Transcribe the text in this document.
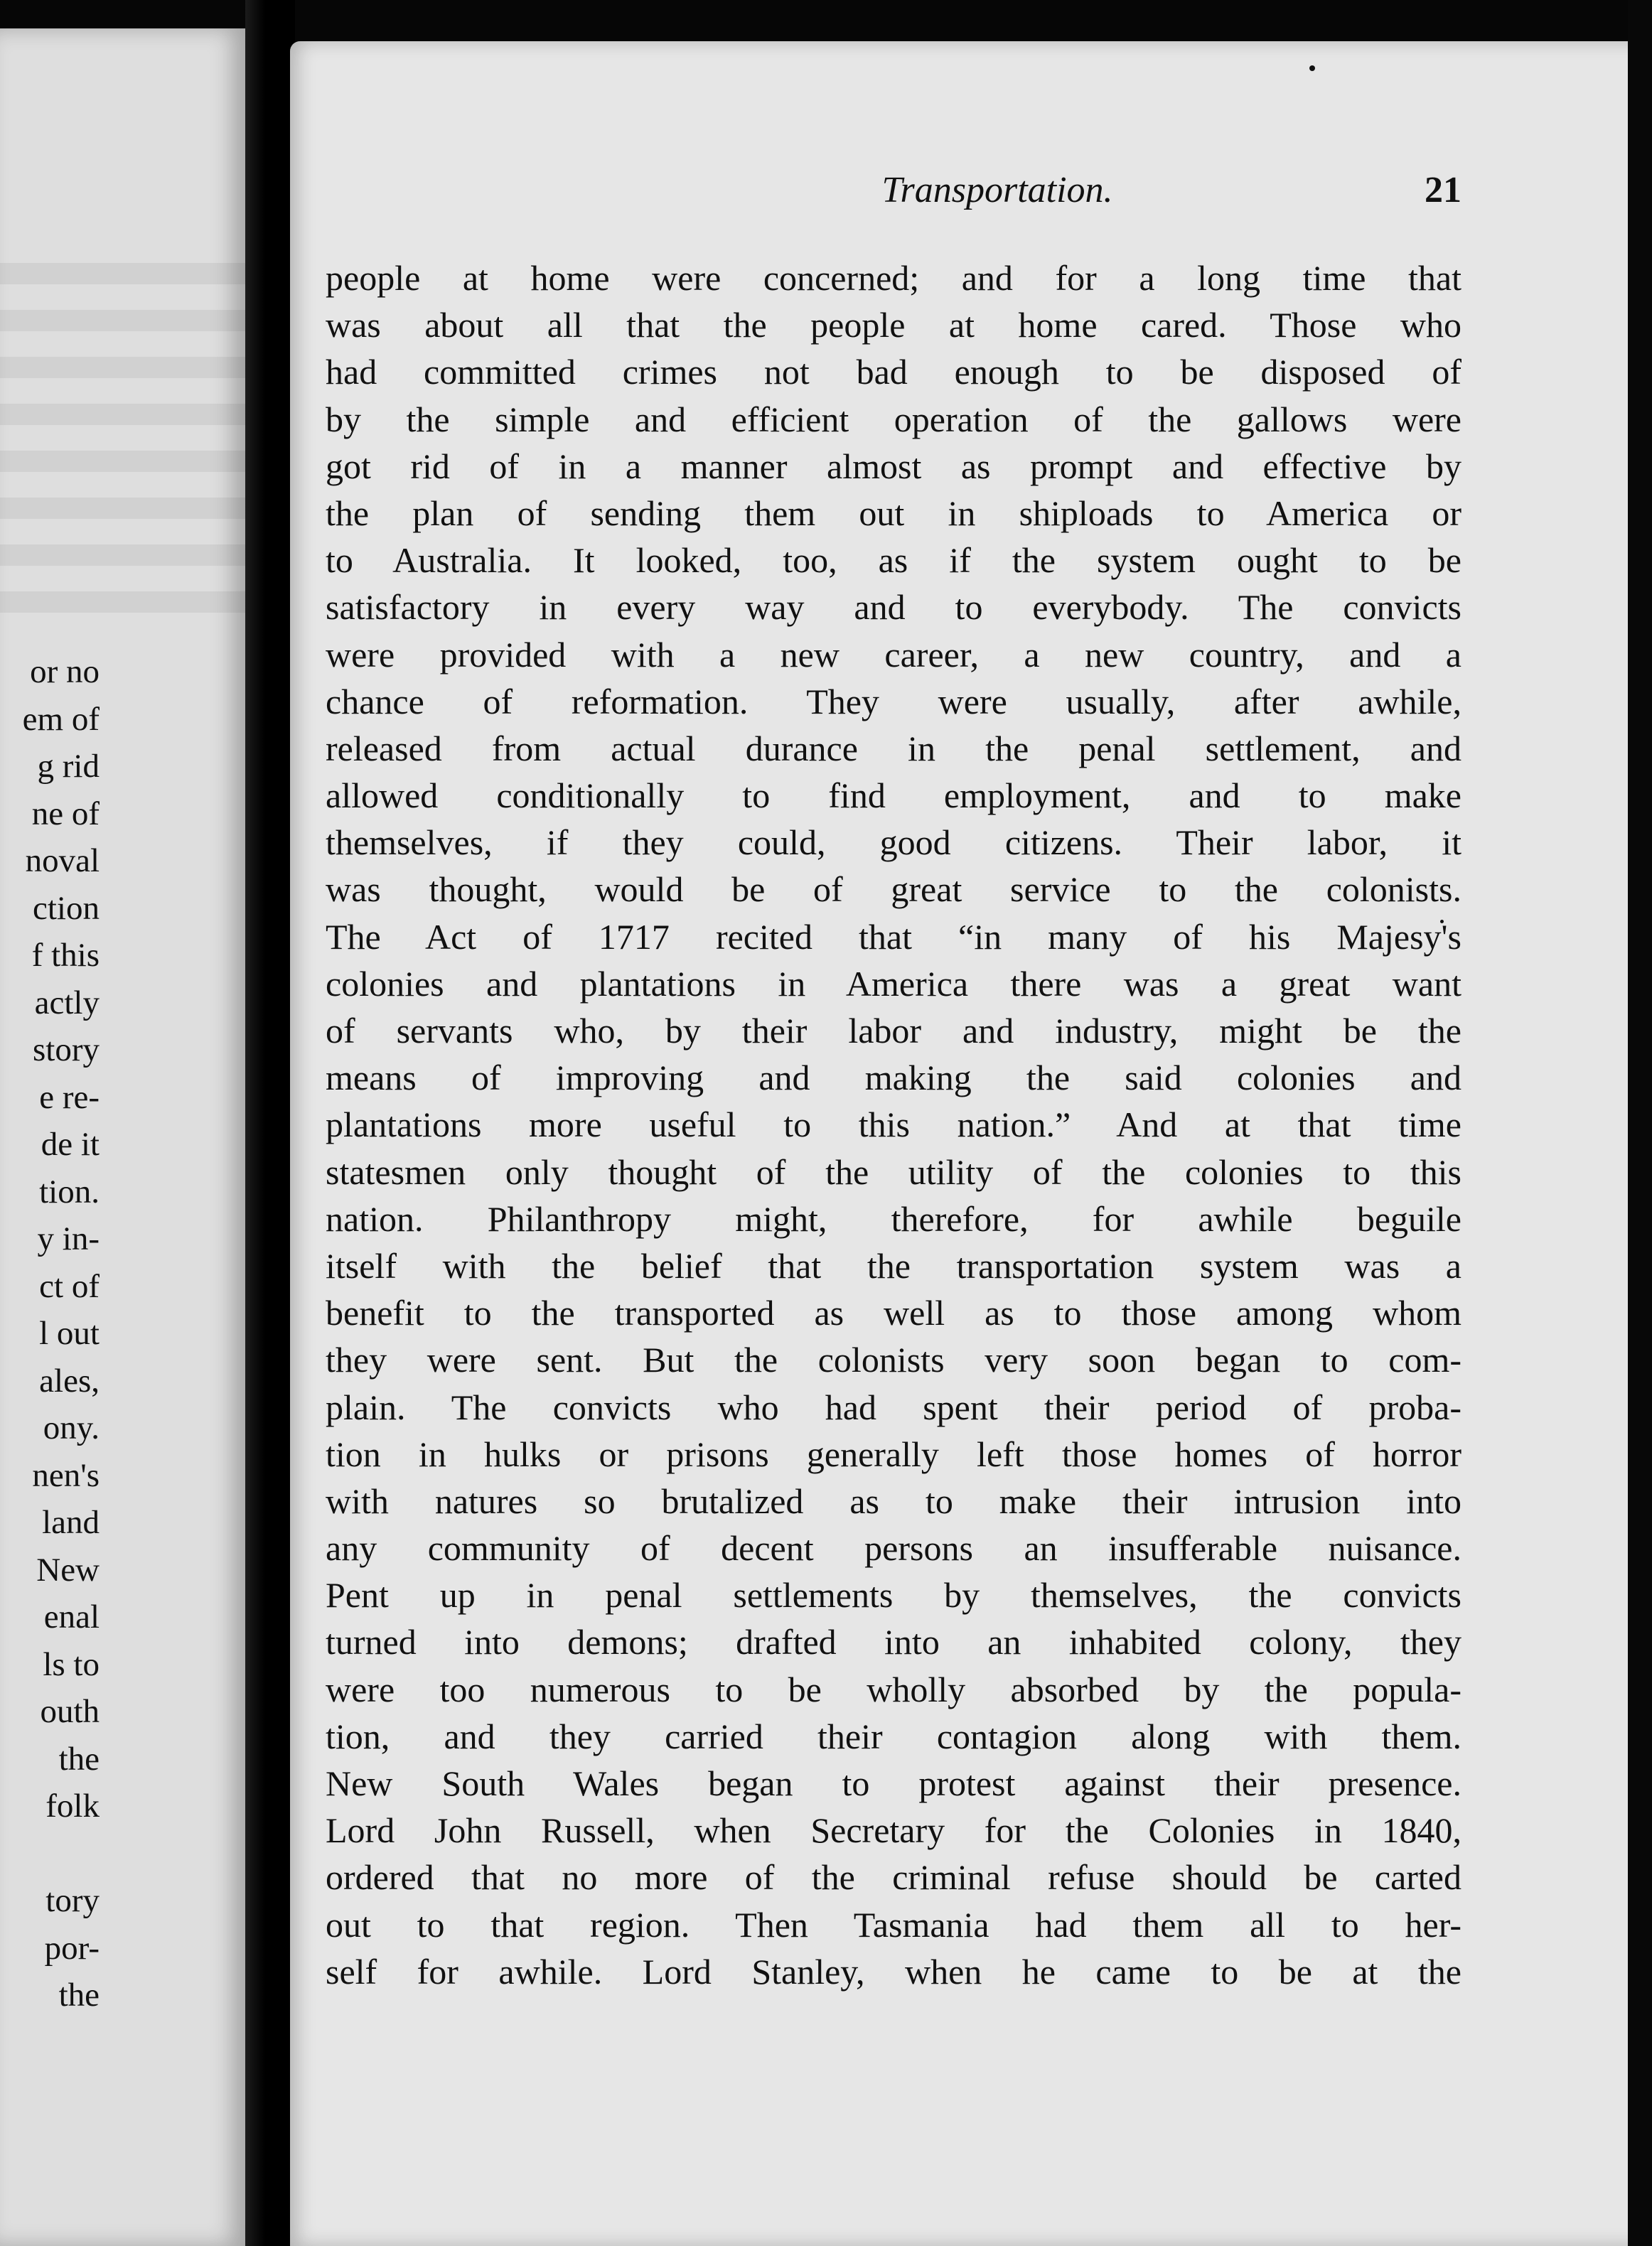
or no
em of
g rid
ne of
noval
ction
f this
actly
story
e re-
de it
tion.
y in-
ct of
l out
ales,
ony.
nen's
land
New
enal
ls to
outh
the
folk
tory
por-
the
Transportation.	21
people at home were concerned; and for a long time that
was about all that the people at home cared. Those who
had committed crimes not bad enough to be disposed of
by the simple and efficient operation of the gallows were
got rid of in a manner almost as prompt and effective by
the plan of sending them out in shiploads to America or
to Australia. It looked, too, as if the system ought to be
satisfactory in every way and to everybody. The convicts
were provided with a new career, a new country, and a
chance of reformation. They were usually, after awhile,
released from actual durance in the penal settlement, and
allowed conditionally to find employment, and to make
themselves, if they could, good citizens. Their labor, it
was thought, would be of great service to the colonists.
The Act of 1717 recited that “in many of his Majesy's
colonies and plantations in America there was a great want
of servants who, by their labor and industry, might be the
means of improving and making the said colonies and
plantations more useful to this nation.” And at that time
statesmen only thought of the utility of the colonies to this
nation. Philanthropy might, therefore, for awhile beguile
itself with the belief that the transportation system was a
benefit to the transported as well as to those among whom
they were sent. But the colonists very soon began to com-
plain. The convicts who had spent their period of proba-
tion in hulks or prisons generally left those homes of horror
with natures so brutalized as to make their intrusion into
any community of decent persons an insufferable nuisance.
Pent up in penal settlements by themselves, the convicts
turned into demons; drafted into an inhabited colony, they
were too numerous to be wholly absorbed by the popula-
tion, and they carried their contagion along with them.
New South Wales began to protest against their presence.
Lord John Russell, when Secretary for the Colonies in 1840,
ordered that no more of the criminal refuse should be carted
out to that region. Then Tasmania had them all to her-
self for awhile. Lord Stanley, when he came to be at the
